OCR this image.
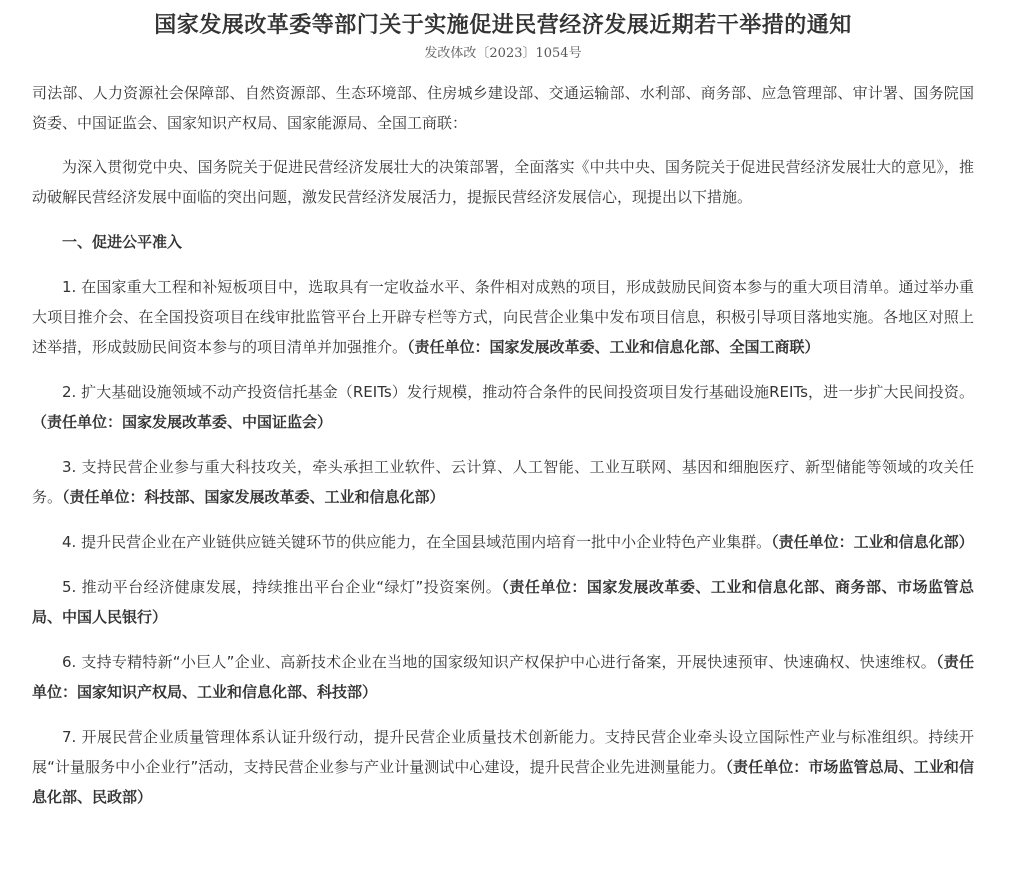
国家发展改革委等部门关于实施促进民营经济发展近期若干举措的通知
发改体改〔2023〕1054号

司法部、人力资源社会保障部、自然资源部、生态环境部、住房城乡建设部、交通运输部、水利部、商务部、应急管理部、审计署、国务院国资委、中国证监会、国家知识产权局、国家能源局、全国工商联：

为深入贯彻党中央、国务院关于促进民营经济发展壮大的决策部署，全面落实《中共中央、国务院关于促进民营经济发展壮大的意见》，推动破解民营经济发展中面临的突出问题，激发民营经济发展活力，提振民营经济发展信心，现提出以下措施。

一、促进公平准入

1. 在国家重大工程和补短板项目中，选取具有一定收益水平、条件相对成熟的项目，形成鼓励民间资本参与的重大项目清单。通过举办重大项目推介会、在全国投资项目在线审批监管平台上开辟专栏等方式，向民营企业集中发布项目信息，积极引导项目落地实施。各地区对照上述举措，形成鼓励民间资本参与的项目清单并加强推介。（责任单位：国家发展改革委、工业和信息化部、全国工商联）

2. 扩大基础设施领域不动产投资信托基金（REITs）发行规模，推动符合条件的民间投资项目发行基础设施REITs，进一步扩大民间投资。（责任单位：国家发展改革委、中国证监会）

3. 支持民营企业参与重大科技攻关，牵头承担工业软件、云计算、人工智能、工业互联网、基因和细胞医疗、新型储能等领域的攻关任务。（责任单位：科技部、国家发展改革委、工业和信息化部）

4. 提升民营企业在产业链供应链关键环节的供应能力，在全国县域范围内培育一批中小企业特色产业集群。（责任单位：工业和信息化部）

5. 推动平台经济健康发展，持续推出平台企业“绿灯”投资案例。（责任单位：国家发展改革委、工业和信息化部、商务部、市场监管总局、中国人民银行）

6. 支持专精特新“小巨人”企业、高新技术企业在当地的国家级知识产权保护中心进行备案，开展快速预审、快速确权、快速维权。（责任单位：国家知识产权局、工业和信息化部、科技部）

7. 开展民营企业质量管理体系认证升级行动，提升民营企业质量技术创新能力。支持民营企业牵头设立国际性产业与标准组织。持续开展“计量服务中小企业行”活动，支持民营企业参与产业计量测试中心建设，提升民营企业先进测量能力。（责任单位：市场监管总局、工业和信息化部、民政部）
